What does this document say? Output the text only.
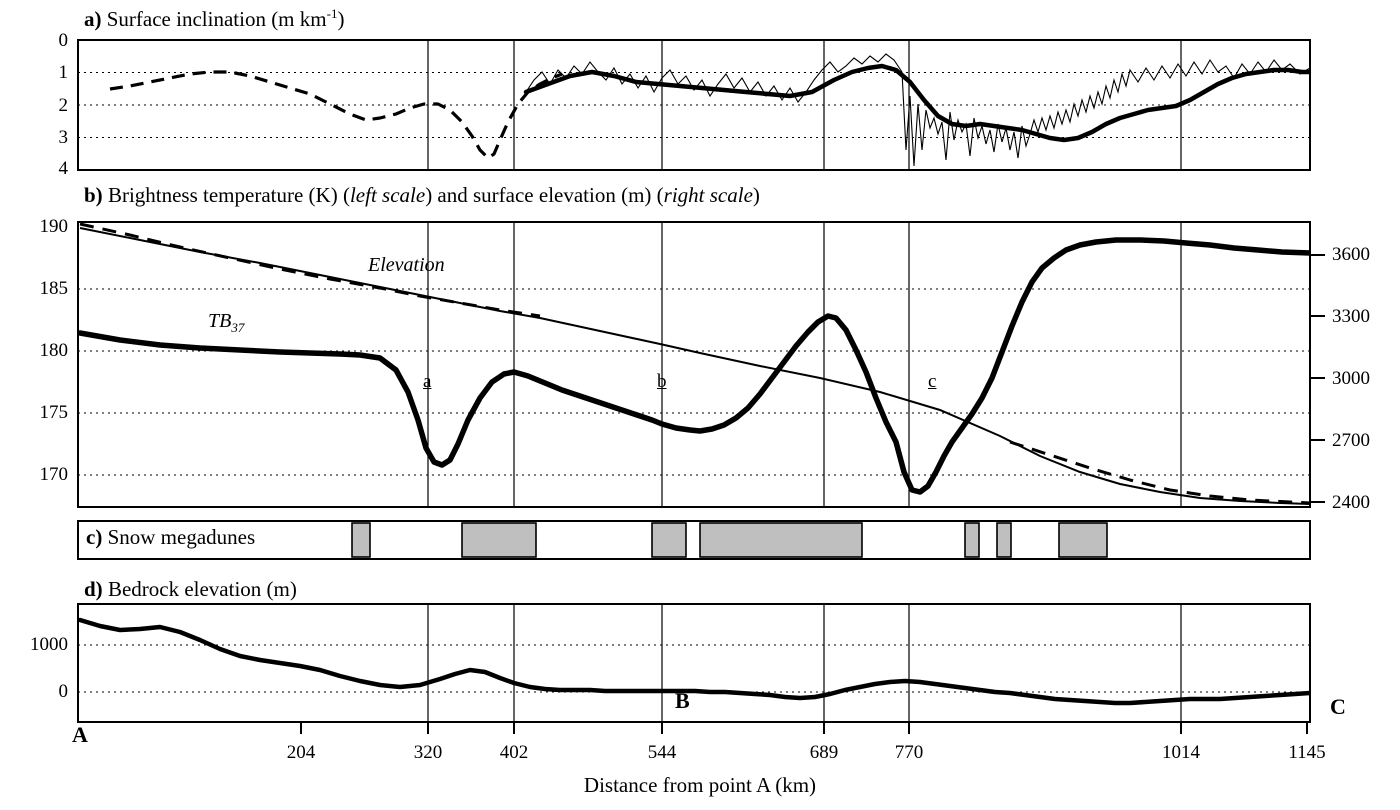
a) Surface inclination (m $km^{-1}$)
0
1
2
3
4
b) Brightness temperature (K) (left scale) and surface elevation (m) (right scale)
190
185
180
175
170
3600
3300
3000
2700
2400
Elevation
$TB_{37}$
a	b	c
c) Snow megadunes
d) Bedrock elevation (m)
1000
0
A
B	C
204	320	402	544	689	770	1014	1145
Distance from point A (km)
